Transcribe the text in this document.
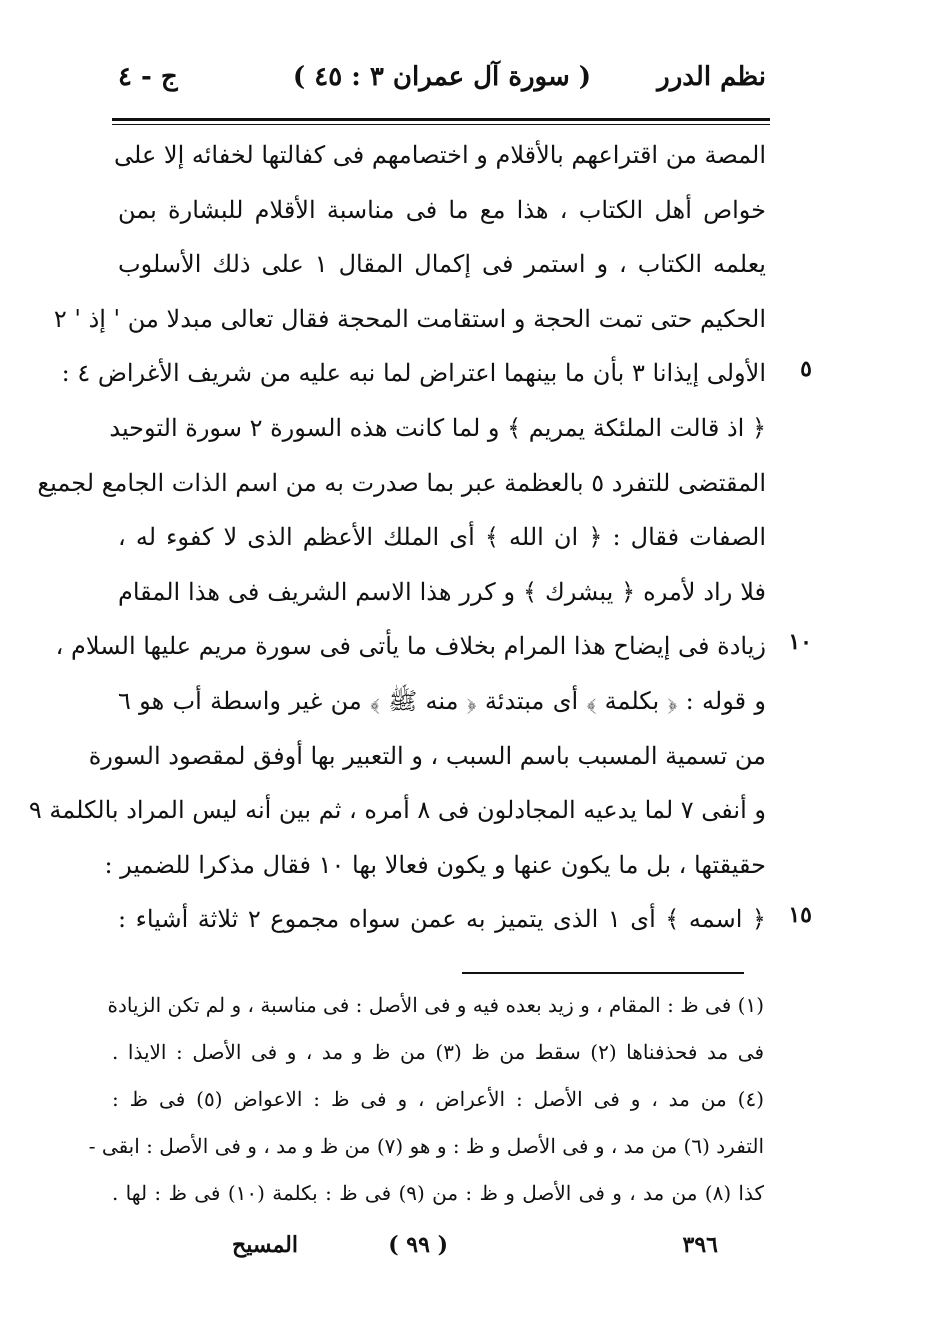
نظم الدرر
( سورة آل عمران ٣ : ٤٥ )
ج - ٤
المصة من اقتراعهم بالأقلام و اختصامهم فى كفالتها لخفائه إلا على
خواص أهل الكتاب ، هذا مع ما فى مناسبة الأقلام للبشارة بمن
يعلمه الكتاب ، و استمر فى إكمال المقال ١ على ذلك الأسلوب
الحكيم حتى تمت الحجة و استقامت المحجة فقال تعالى مبدلا من ' إذ ' ٢
الأولى إيذانا ٣ بأن ما بينهما اعتراض لما نبه عليه من شريف الأغراض ٤ :
﴿ اذ قالت الملئكة يمريم ﴾ و لما كانت هذه السورة ٢ سورة التوحيد
المقتضى للتفرد ٥ بالعظمة عبر بما صدرت به من اسم الذات الجامع لجميع
الصفات فقال : ﴿ ان الله ﴾ أى الملك الأعظم الذى لا كفوء له ،
فلا راد لأمره ﴿ يبشرك ﴾ و كرر هذا الاسم الشريف فى هذا المقام
زيادة فى إيضاح هذا المرام بخلاف ما يأتى فى سورة مريم عليها السلام ،
و قوله : ﴿ بكلمة ﴾ أى مبتدئة ﴿ منه ﷺ ﴾ من غير واسطة أب هو ٦
من تسمية المسبب باسم السبب ، و التعبير بها أوفق لمقصود السورة
و أنفى ٧ لما يدعيه المجادلون فى ٨ أمره ، ثم بين أنه ليس المراد بالكلمة ٩
حقيقتها ، بل ما يكون عنها و يكون فعالا بها ١٠ فقال مذكرا للضمير :
﴿ اسمه ﴾ أى ١ الذى يتميز به عمن سواه مجموع ٢ ثلاثة أشياء :
٥
١٠
١٥
(١) فى ظ : المقام ، و زيد بعده فيه و فى الأصل : فى مناسبة ، و لم تكن الزيادة
فى مد فحذفناها (٢) سقط من ظ (٣) من ظ و مد ، و فى الأصل : الايذا .
(٤) من مد ، و فى الأصل : الأعراض ، و فى ظ : الاعواض (٥) فى ظ :
التفرد (٦) من مد ، و فى الأصل و ظ : و هو (٧) من ظ و مد ، و فى الأصل : ابقى -
كذا (٨) من مد ، و فى الأصل و ظ : من (٩) فى ظ : بكلمة (١٠) فى ظ : لها .
٣٩٦
( ٩٩ )
المسيح
